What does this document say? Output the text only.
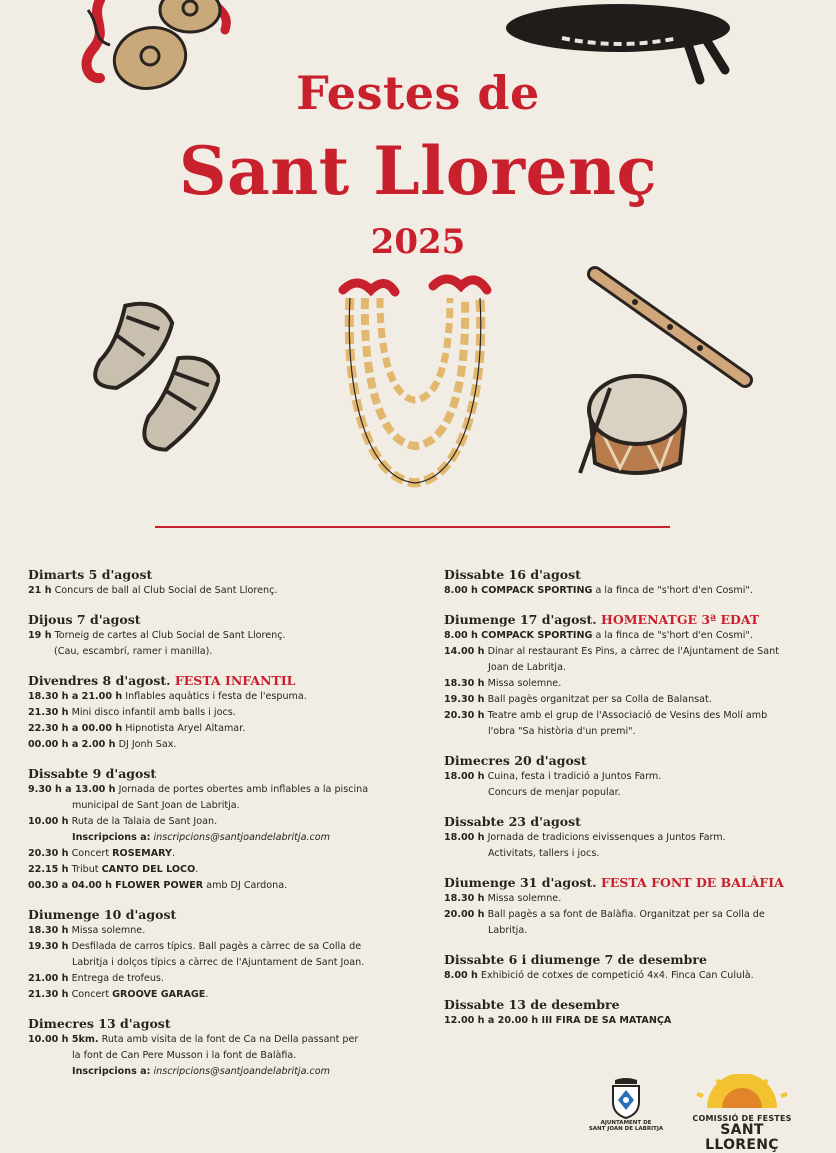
Festes de
Sant Llorenç
2025
Dimarts 5 d'agost
21 h Concurs de ball al Club Social de Sant Llorenç.
Dijous 7 d'agost
19 h Torneig de cartes al Club Social de Sant Llorenç.
(Cau, escambrí, ramer i manilla).
Divendres 8 d'agost. FESTA INFANTIL
18.30 h a 21.00 h Inflables aquàtics i festa de l'espuma.
21.30 h Mini disco infantil amb balls i jocs.
22.30 h a 00.00 h Hipnotista Aryel Altamar.
00.00 h a 2.00 h DJ Jonh Sax.
Dissabte 9 d'agost
9.30 h a 13.00 h Jornada de portes obertes amb inflables a la piscina
municipal de Sant Joan de Labritja.
10.00 h Ruta de la Talaia de Sant Joan.
Inscripcions a: inscripcions@santjoandelabritja.com
20.30 h Concert ROSEMARY.
22.15 h Tribut CANTO DEL LOCO.
00.30 a 04.00 h FLOWER POWER amb DJ Cardona.
Diumenge 10 d'agost
18.30 h Missa solemne.
19.30 h Desfilada de carros típics. Ball pagès a càrrec de sa Colla de
Labritja i dolços típics a càrrec de l'Ajuntament de Sant Joan.
21.00 h Entrega de trofeus.
21.30 h Concert GROOVE GARAGE.
Dimecres 13 d'agost
10.00 h 5km. Ruta amb visita de la font de Ca na Della passant per
la font de Can Pere Musson i la font de Balàfia.
Inscripcions a: inscripcions@santjoandelabritja.com
Dissabte 16 d'agost
8.00 h COMPACK SPORTING a la finca de "s'hort d'en Cosmi".
Diumenge 17 d'agost. HOMENATGE 3ª EDAT
8.00 h COMPACK SPORTING a la finca de "s'hort d'en Cosmi".
14.00 h Dinar al restaurant Es Pins, a càrrec de l'Ajuntament de Sant
Joan de Labritja.
18.30 h Missa solemne.
19.30 h Ball pagès organitzat per sa Colla de Balansat.
20.30 h Teatre amb el grup de l'Associació de Vesins des Molí amb
l'obra "Sa història d'un premi".
Dimecres 20 d'agost
18.00 h Cuina, festa i tradició a Juntos Farm.
Concurs de menjar popular.
Dissabte 23 d'agost
18.00 h Jornada de tradicions eivissenques a Juntos Farm.
Activitats, tallers i jocs.
Diumenge 31 d'agost. FESTA FONT DE BALÀFIA
18.30 h Missa solemne.
20.00 h Ball pagès a sa font de Balàfia. Organitzat per sa Colla de
Labritja.
Dissabte 6 i diumenge 7 de desembre
8.00 h Exhibició de cotxes de competició 4x4. Finca Can Cululà.
Dissabte 13 de desembre
12.00 h a 20.00 h III FIRA DE SA MATANÇA
AJUNTAMENT DE
SANT JOAN DE LABRITJA
COMISSIÓ DE FESTES
SANT LLORENÇ
